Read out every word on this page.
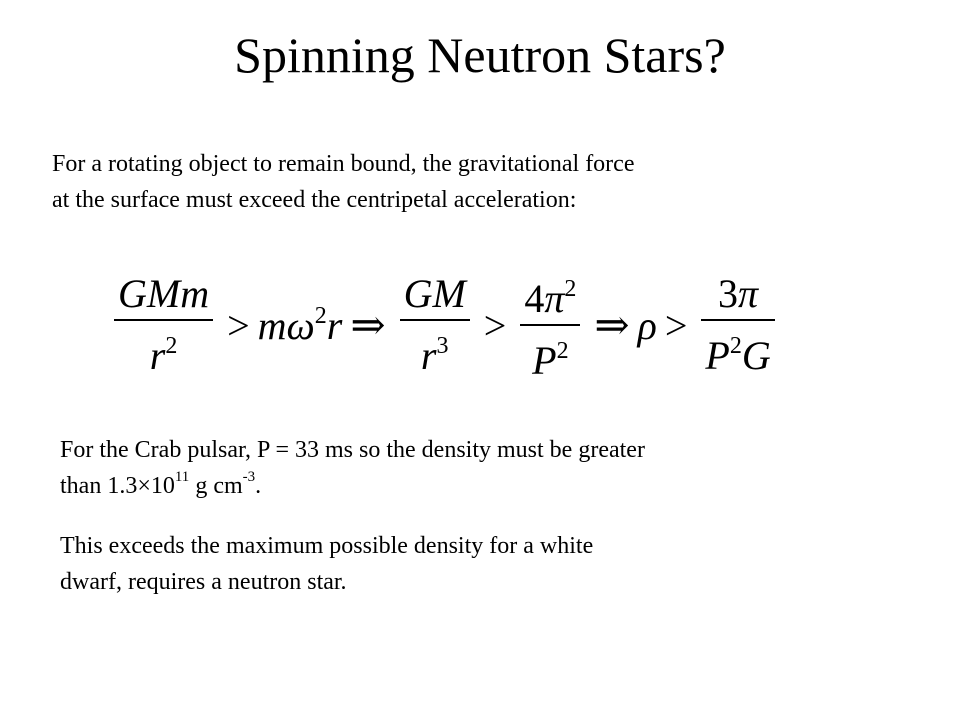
Spinning Neutron Stars?

For a rotating object to remain bound, the gravitational force
at the surface must exceed the centripetal acceleration:

$\frac{\text{GMm}}{r^2} > m\omega^2r$ ⇒ $\frac{GM}{r^3} > \frac{4\pi^2}{P^2}$ ⇒ $\rho > \frac{3\pi}{P^2G}$

For the Crab pulsar, P = 33 ms so the density must be greater
than $1.3\times 10^{11}$ g $cm^{-3}$.

This exceeds the maximum possible density for a white
dwarf, requires a neutron star.
